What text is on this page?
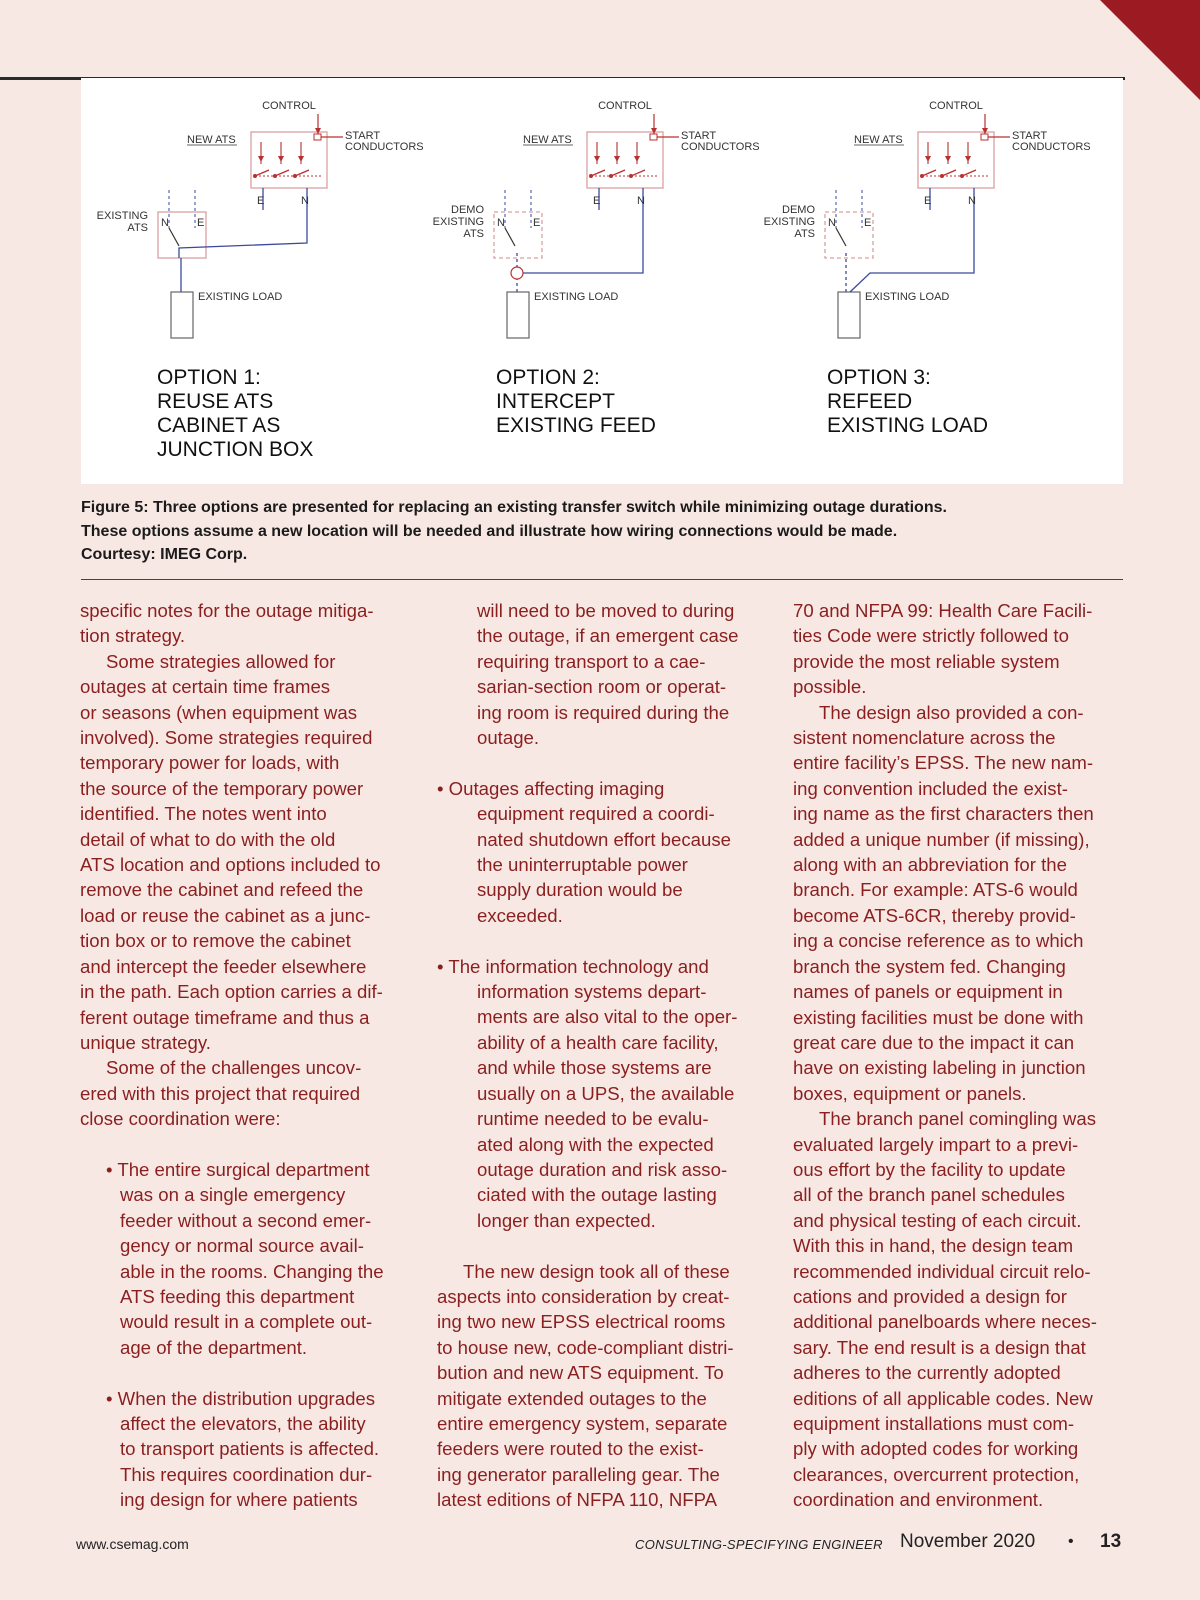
E	N
CONTROL
NEW ATS	START
CONDUCTORS
N	E
EXISTING
ATS
EXISTING LOAD
E	N
CONTROL
NEW ATS	START
CONDUCTORS
N	E
DEMO
EXISTING
ATS
EXISTING LOAD
E	N
CONTROL
NEW ATS	START
CONDUCTORS
N	E
DEMO
EXISTING
ATS
EXISTING LOAD
OPTION 1:
REUSE ATS
CABINET AS
JUNCTION BOX
OPTION 2:
INTERCEPT
EXISTING FEED
OPTION 3:
REFEED
EXISTING LOAD
Figure 5: Three options are presented for replacing an existing transfer switch while minimizing outage durations.
These options assume a new location will be needed and illustrate how wiring connections would be made.
Courtesy: IMEG Corp.
specific notes for the outage mitiga-
tion strategy.
Some strategies allowed for
outages at certain time frames
or seasons (when equipment was
involved). Some strategies required
temporary power for loads, with
the source of the temporary power
identified. The notes went into
detail of what to do with the old
ATS location and options included to
remove the cabinet and refeed the
load or reuse the cabinet as a junc-
tion box or to remove the cabinet
and intercept the feeder elsewhere
in the path. Each option carries a dif-
ferent outage timeframe and thus a
unique strategy.
Some of the challenges uncov-
ered with this project that required
close coordination were:
• The entire surgical department
was on a single emergency
feeder without a second emer-
gency or normal source avail-
able in the rooms. Changing the
ATS feeding this department
would result in a complete out-
age of the department.
• When the distribution upgrades
affect the elevators, the ability
to transport patients is affected.
This requires coordination dur-
ing design for where patients
will need to be moved to during
the outage, if an emergent case
requiring transport to a cae-
sarian-section room or operat-
ing room is required during the
outage.
• Outages affecting imaging
equipment required a coordi-
nated shutdown effort because
the uninterruptable power
supply duration would be
exceeded.
• The information technology and
information systems depart-
ments are also vital to the oper-
ability of a health care facility,
and while those systems are
usually on a UPS, the available
runtime needed to be evalu-
ated along with the expected
outage duration and risk asso-
ciated with the outage lasting
longer than expected.
The new design took all of these
aspects into consideration by creat-
ing two new EPSS electrical rooms
to house new, code-compliant distri-
bution and new ATS equipment. To
mitigate extended outages to the
entire emergency system, separate
feeders were routed to the exist-
ing generator paralleling gear. The
latest editions of NFPA 110, NFPA
70 and NFPA 99: Health Care Facili-
ties Code were strictly followed to
provide the most reliable system
possible.
The design also provided a con-
sistent nomenclature across the
entire facility’s EPSS. The new nam-
ing convention included the exist-
ing name as the first characters then
added a unique number (if missing),
along with an abbreviation for the
branch. For example: ATS-6 would
become ATS-6CR, thereby provid-
ing a concise reference as to which
branch the system fed. Changing
names of panels or equipment in
existing facilities must be done with
great care due to the impact it can
have on existing labeling in junction
boxes, equipment or panels.
The branch panel comingling was
evaluated largely impart to a previ-
ous effort by the facility to update
all of the branch panel schedules
and physical testing of each circuit.
With this in hand, the design team
recommended individual circuit relo-
cations and provided a design for
additional panelboards where neces-
sary. The end result is a design that
adheres to the currently adopted
editions of all applicable codes. New
equipment installations must com-
ply with adopted codes for working
clearances, overcurrent protection,
coordination and environment.
www.csemag.com	CONSULTING-SPECIFYING ENGINEER November 2020 • 13
